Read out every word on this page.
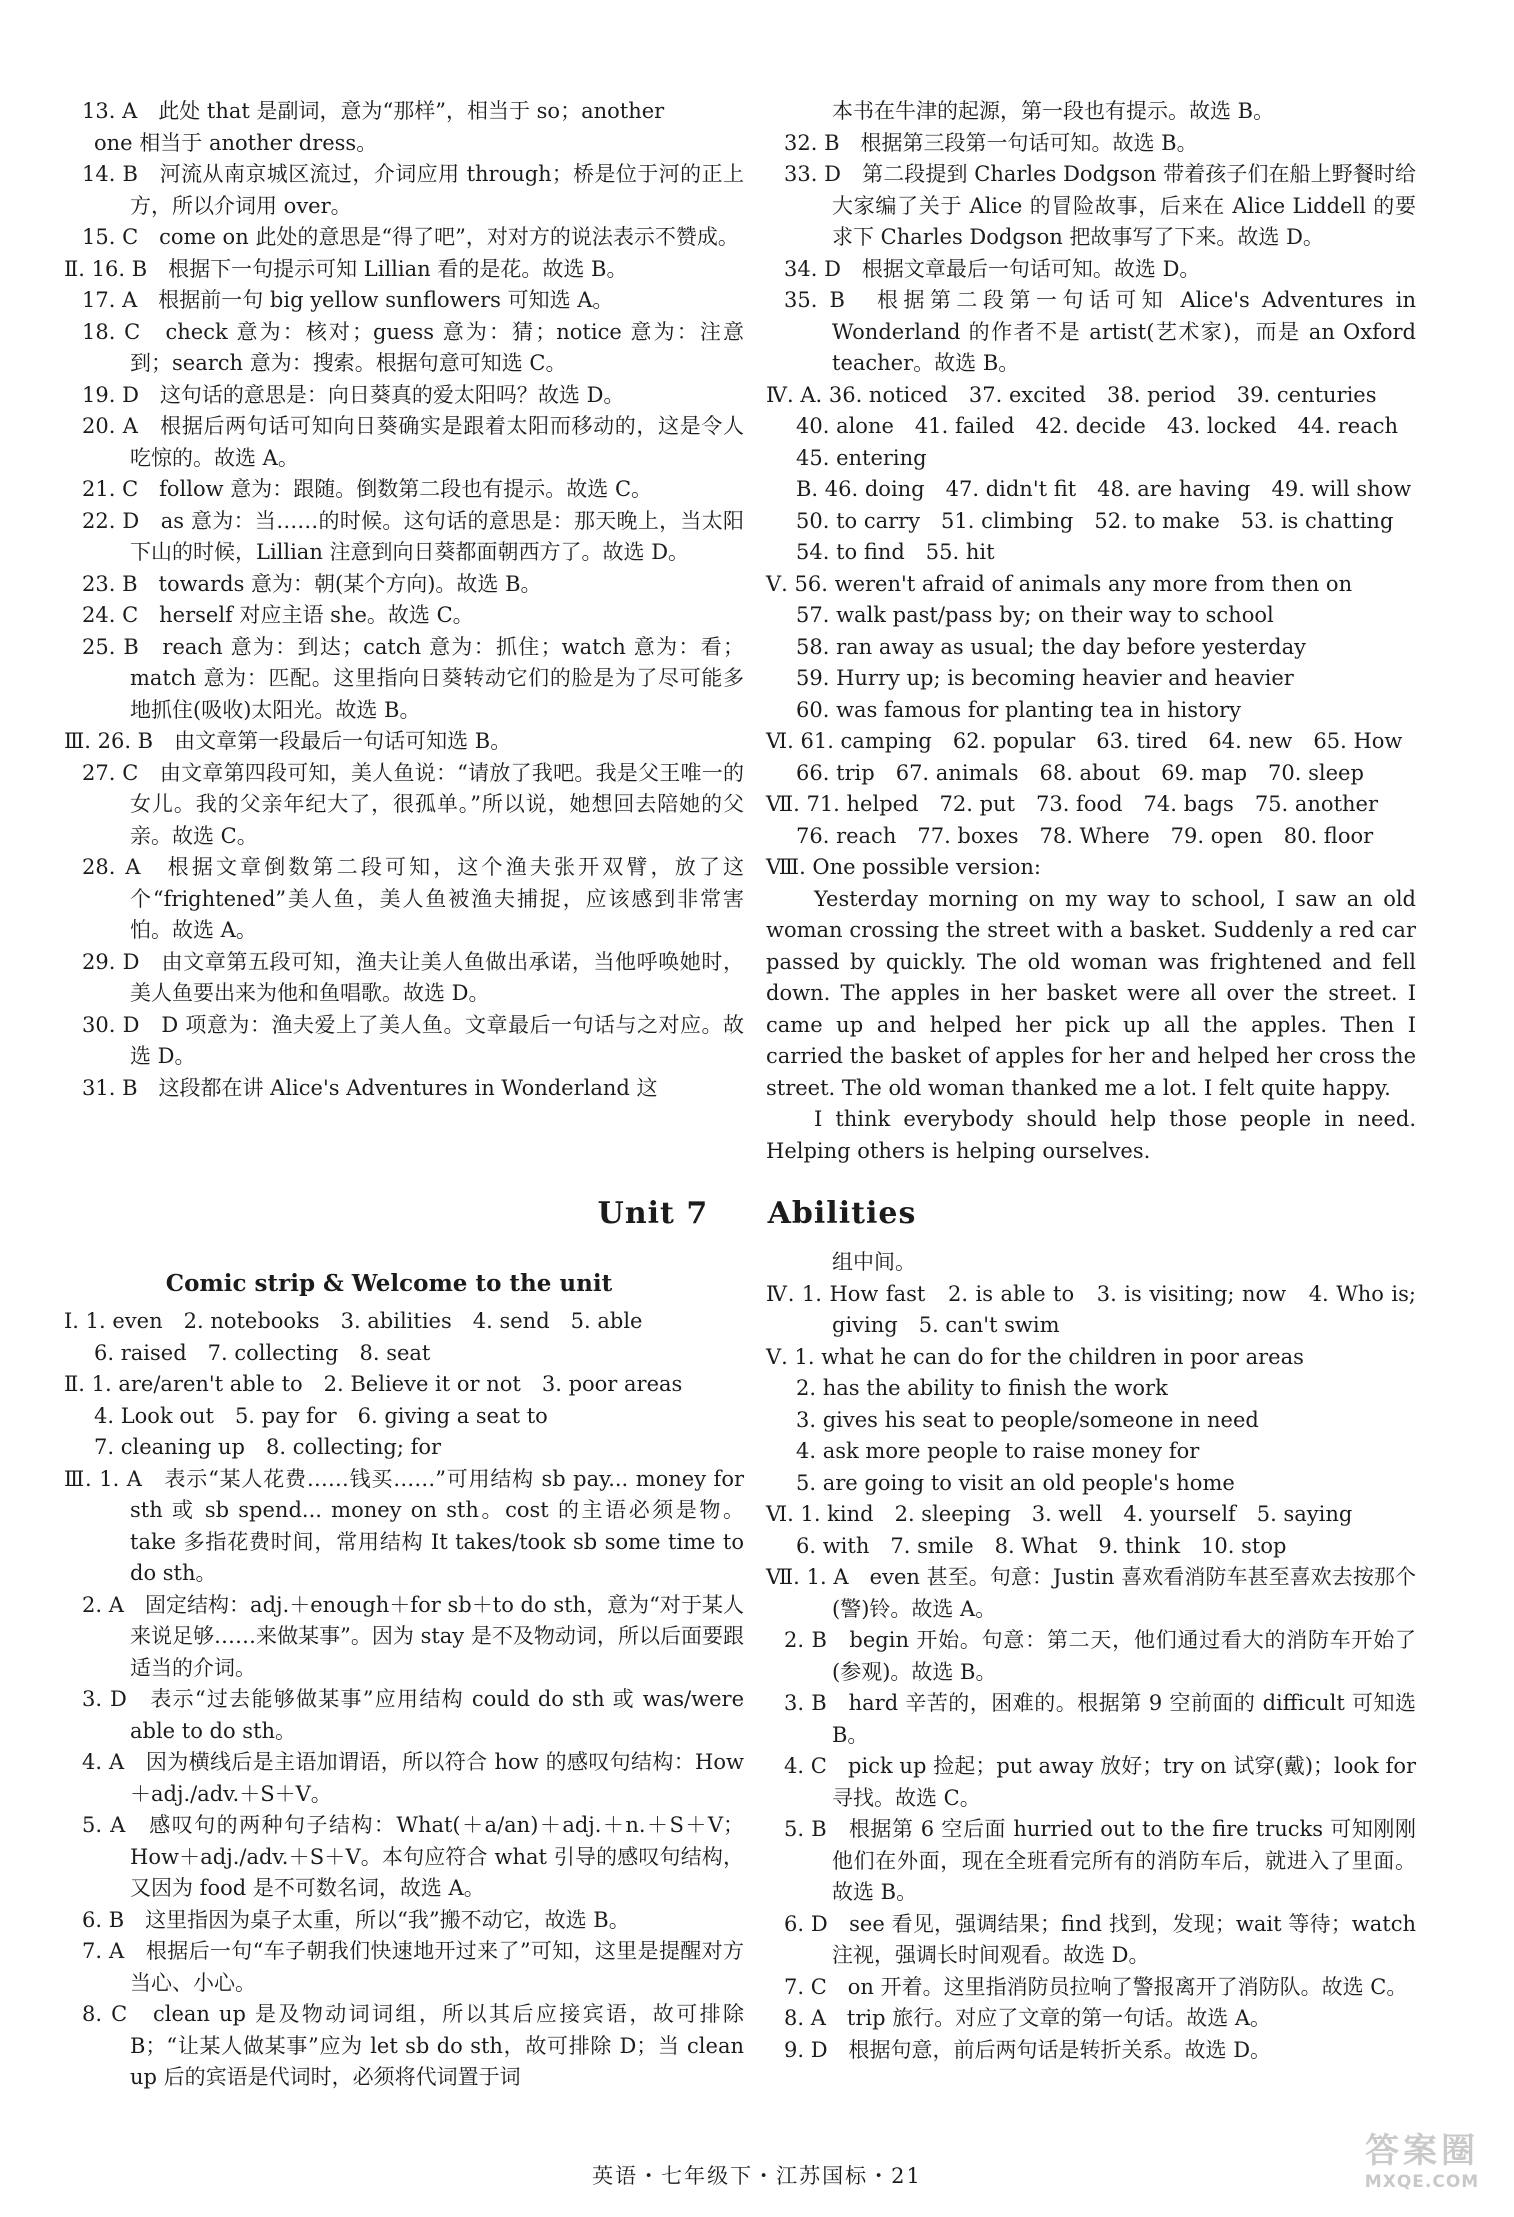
13. A　此处 that 是副词，意为“那样”，相当于 so；another

one 相当于 another dress。

14. B　河流从南京城区流过，介词应用 through；桥是位于河的正上方，所以介词用 over。

15. C　come on 此处的意思是“得了吧”，对对方的说法表示不赞成。

Ⅱ. 16. B　根据下一句提示可知 Lillian 看的是花。故选 B。

17. A　根据前一句 big yellow sunflowers 可知选 A。

18. C　check 意为：核对；guess 意为：猜；notice 意为：注意到；search 意为：搜索。根据句意可知选 C。

19. D　这句话的意思是：向日葵真的爱太阳吗？故选 D。

20. A　根据后两句话可知向日葵确实是跟着太阳而移动的，这是令人吃惊的。故选 A。

21. C　follow 意为：跟随。倒数第二段也有提示。故选 C。

22. D　as 意为：当……的时候。这句话的意思是：那天晚上，当太阳下山的时候，Lillian 注意到向日葵都面朝西方了。故选 D。

23. B　towards 意为：朝(某个方向)。故选 B。

24. C　herself 对应主语 she。故选 C。

25. B　reach 意为：到达；catch 意为：抓住；watch 意为：看；match 意为：匹配。这里指向日葵转动它们的脸是为了尽可能多地抓住(吸收)太阳光。故选 B。

Ⅲ. 26. B　由文章第一段最后一句话可知选 B。

27. C　由文章第四段可知，美人鱼说：“请放了我吧。我是父王唯一的女儿。我的父亲年纪大了，很孤单。”所以说，她想回去陪她的父亲。故选 C。

28. A　根据文章倒数第二段可知，这个渔夫张开双臂，放了这个“frightened”美人鱼，美人鱼被渔夫捕捉，应该感到非常害怕。故选 A。

29. D　由文章第五段可知，渔夫让美人鱼做出承诺，当他呼唤她时，美人鱼要出来为他和鱼唱歌。故选 D。

30. D　D 项意为：渔夫爱上了美人鱼。文章最后一句话与之对应。故选 D。

31. B　这段都在讲 Alice's Adventures in Wonderland 这

本书在牛津的起源，第一段也有提示。故选 B。

32. B　根据第三段第一句话可知。故选 B。

33. D　第二段提到 Charles Dodgson 带着孩子们在船上野餐时给大家编了关于 Alice 的冒险故事，后来在 Alice Liddell 的要求下 Charles Dodgson 把故事写了下来。故选 D。

34. D　根据文章最后一句话可知。故选 D。

35. B　根据第二段第一句话可知 Alice's Adventures in Wonderland 的作者不是 artist(艺术家)，而是 an Oxford teacher。故选 B。

Ⅳ. A. 36. noticed　37. excited　38. period　39. centuries

40. alone　41. failed　42. decide　43. locked　44. reach

45. entering

B. 46. doing　47. didn't fit　48. are having　49. will show　50. to carry　51. climbing　52. to make　53. is chatting　54. to find　55. hit

Ⅴ. 56. weren't afraid of animals any more from then on

57. walk past/pass by; on their way to school

58. ran away as usual; the day before yesterday

59. Hurry up; is becoming heavier and heavier

60. was famous for planting tea in history

Ⅵ. 61. camping　62. popular　63. tired　64. new　65. How

66. trip　67. animals　68. about　69. map　70. sleep

Ⅶ. 71. helped　72. put　73. food　74. bags　75. another

76. reach　77. boxes　78. Where　79. open　80. floor

Ⅷ. One possible version:

Yesterday morning on my way to school, I saw an old woman crossing the street with a basket. Suddenly a red car passed by quickly. The old woman was frightened and fell down. The apples in her basket were all over the street. I came up and helped her pick up all the apples. Then I carried the basket of apples for her and helped her cross the street. The old woman thanked me a lot. I felt quite happy.

I think everybody should help those people in need. Helping others is helping ourselves.

Unit 7 Abilities
Comic strip & Welcome to the unit

Ⅰ. 1. even　2. notebooks　3. abilities　4. send　5. able

6. raised　7. collecting　8. seat

Ⅱ. 1. are/aren't able to　2. Believe it or not　3. poor areas

4. Look out　5. pay for　6. giving a seat to

7. cleaning up　8. collecting; for

Ⅲ. 1. A　表示“某人花费……钱买……”可用结构 sb pay... money for sth 或 sb spend... money on sth。cost 的主语必须是物。take 多指花费时间，常用结构 It takes/took sb some time to do sth。

2. A　固定结构：adj.＋enough＋for sb＋to do sth，意为“对于某人来说足够……来做某事”。因为 stay 是不及物动词，所以后面要跟适当的介词。

3. D　表示“过去能够做某事”应用结构 could do sth 或 was/were able to do sth。

4. A　因为横线后是主语加谓语，所以符合 how 的感叹句结构：How＋adj./adv.＋S＋V。

5. A　感叹句的两种句子结构：What(＋a/an)＋adj.＋n.＋S＋V；How＋adj./adv.＋S＋V。本句应符合 what 引导的感叹句结构，又因为 food 是不可数名词，故选 A。

6. B　这里指因为桌子太重，所以“我”搬不动它，故选 B。

7. A　根据后一句“车子朝我们快速地开过来了”可知，这里是提醒对方当心、小心。

8. C　clean up 是及物动词词组，所以其后应接宾语，故可排除 B；“让某人做某事”应为 let sb do sth，故可排除 D；当 clean up 后的宾语是代词时，必须将代词置于词

组中间。

Ⅳ. 1. How fast　2. is able to　3. is visiting; now　4. Who is; giving　5. can't swim

Ⅴ. 1. what he can do for the children in poor areas

2. has the ability to finish the work

3. gives his seat to people/someone in need

4. ask more people to raise money for

5. are going to visit an old people's home

Ⅵ. 1. kind　2. sleeping　3. well　4. yourself　5. saying

6. with　7. smile　8. What　9. think　10. stop

Ⅶ. 1. A　even 甚至。句意：Justin 喜欢看消防车甚至喜欢去按那个(警)铃。故选 A。

2. B　begin 开始。句意：第二天，他们通过看大的消防车开始了(参观)。故选 B。

3. B　hard 辛苦的，困难的。根据第 9 空前面的 difficult 可知选 B。

4. C　pick up 捡起；put away 放好；try on 试穿(戴)；look for 寻找。故选 C。

5. B　根据第 6 空后面 hurried out to the fire trucks 可知刚刚他们在外面，现在全班看完所有的消防车后，就进入了里面。故选 B。

6. D　see 看见，强调结果；find 找到，发现；wait 等待；watch 注视，强调长时间观看。故选 D。

7. C　on 开着。这里指消防员拉响了警报离开了消防队。故选 C。

8. A　trip 旅行。对应了文章的第一句话。故选 A。

9. D　根据句意，前后两句话是转折关系。故选 D。

英语・七年级下・江苏国标・21
答案圈
MXQE.COM
